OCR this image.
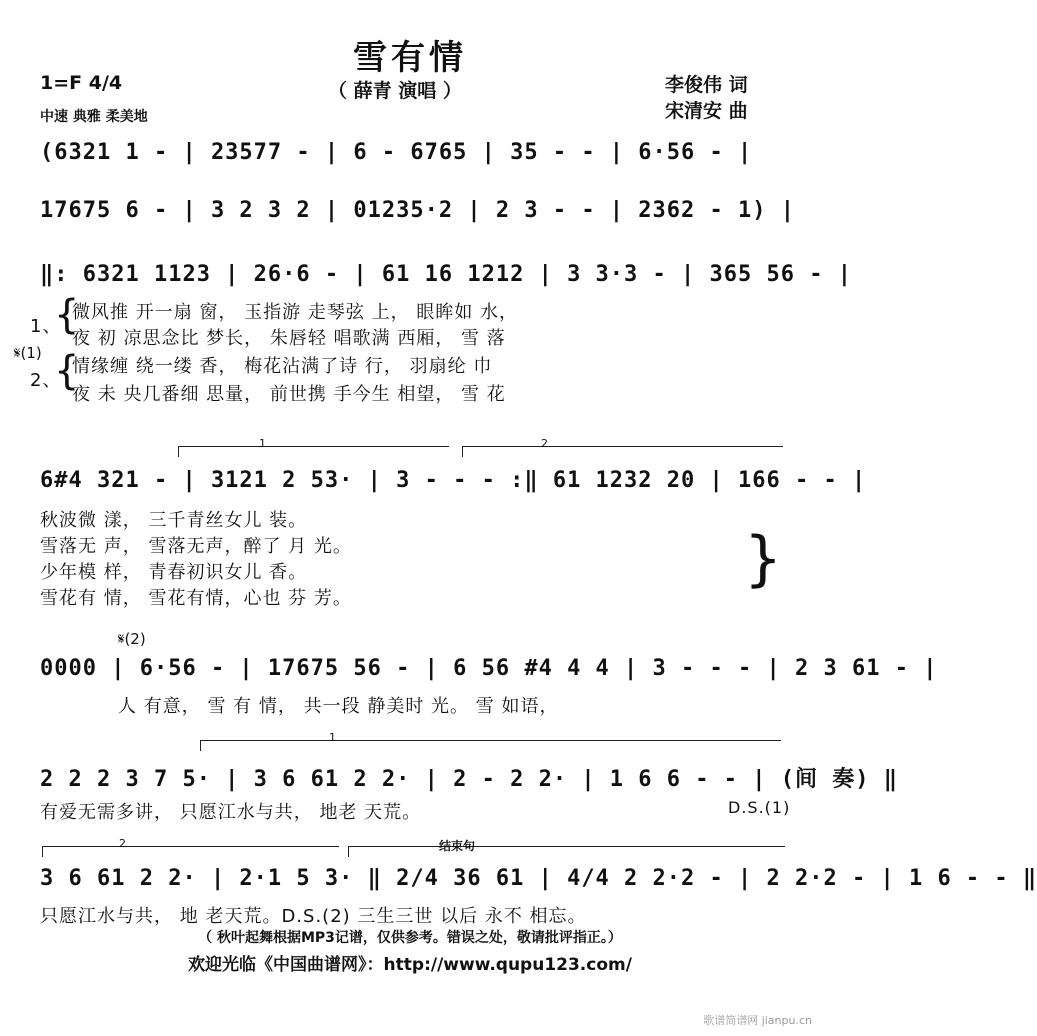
雪有情
1=F 4/4	（ 薛青 演唱 ）	李俊伟 词
宋清安 曲
中速 典雅 柔美地
(6321 1 - | 23577 - | 6 - 6765 | 35 - - | 6·56 - |
17675 6 - | 3 2 3 2 | 01235·2 | 2 3 - - | 2362 - 1) |
‖: 6321 1123 | 26·6 - | 61 16 1212 | 3 3·3 - | 365 56 - |
1、
𝄋(1)
2、
{
{
微风推 开一扇 窗， 玉指游 走琴弦 上， 眼眸如 水，
夜 初 凉思念比 梦长， 朱唇轻 唱歌满 西厢， 雪 落
情缘缠 绕一缕 香， 梅花沾满了诗 行， 羽扇纶 巾
夜 未 央几番细 思量， 前世携 手今生 相望， 雪 花
1	2
6#4 321 - | 3121 2 53· | 3 - - - :‖ 61 1232 20 | 166 - - |
秋波微 漾， 三千青丝女儿 装。
雪落无 声， 雪落无声，醉了 月 光。
少年模 样， 青春初识女儿 香。
雪花有 情， 雪花有情，心也 芬 芳。
}
𝄋(2)
0000 | 6·56 - | 17675 56 - | 6 56 #4 4 4 | 3 - - - | 2 3 61 - |
人 有意， 雪 有 情， 共一段 静美时 光。 雪 如语，
1
2 2 2 3 7 5· | 3 6 61 2 2· | 2 - 2 2· | 1 6 6 - - | (间 奏) ‖
有爱无需多讲， 只愿江水与共， 地老 天荒。	D.S.(1)
2	结束句
3 6 61 2 2· | 2·1 5 3· ‖ 2/4 36 61 | 4/4 2 2·2 - | 2 2·2 - | 1 6 - - ‖
只愿江水与共， 地 老天荒。D.S.(2) 三生三世 以后 永不 相忘。
（ 秋叶起舞根据MP3记谱，仅供参考。错误之处，敬请批评指正。）
欢迎光临《中国曲谱网》：http://www.qupu123.com/
歌谱简谱网 jianpu.cn
